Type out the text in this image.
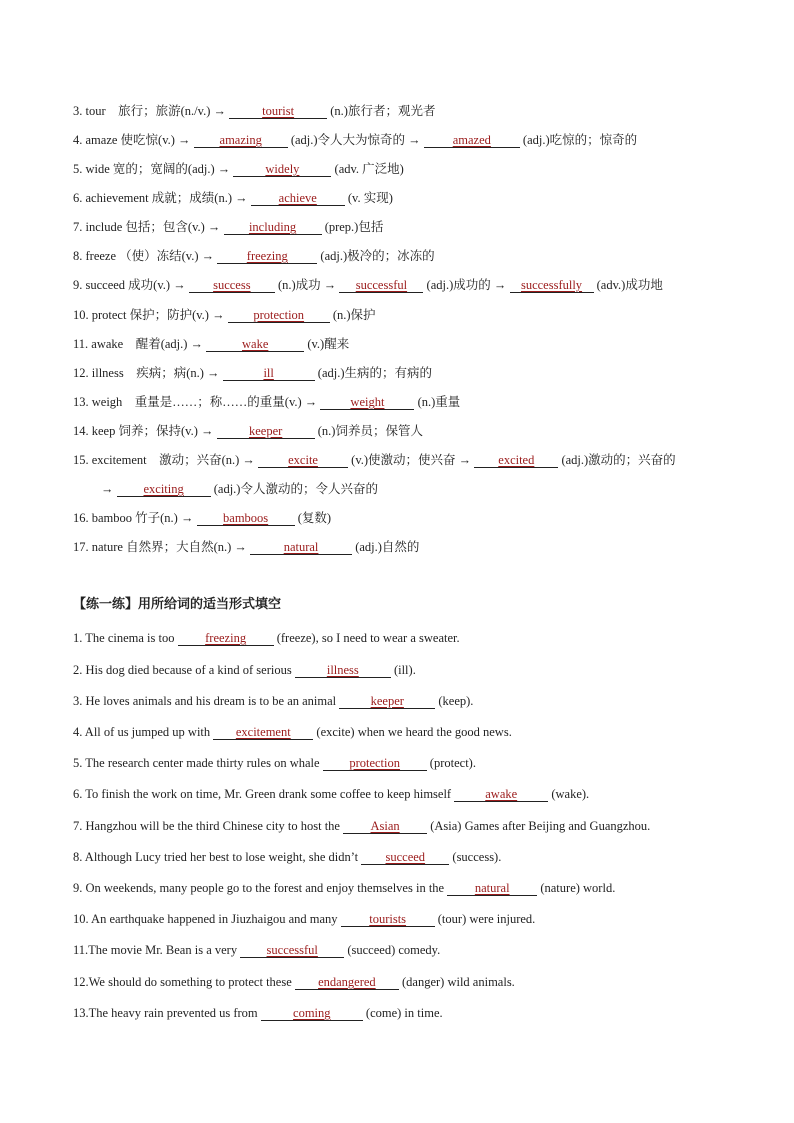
3. tour　旅行；旅游(n./v.) →	tourist	(n.)旅行者；观光者
4. amaze 使吃惊(v.) → amazing (adj.)令人大为惊奇的 →	amazed	(adj.)吃惊的；惊奇的
5. wide 宽的；宽阔的(adj.) →	widely	(adv. 广泛地)
6. achievement 成就；成绩(n.) → achieve (v. 实现)
7. include 包括；包含(v.) → including (prep.)包括
8. freeze （使）冻结(v.) →	freezing	(adj.)极冷的；冰冻的
9. succeed 成功(v.) → success (n.)成功 → successful (adj.)成功的 → successfully (adv.)成功地
10. protect 保护；防护(v.) → protection (n.)保护
11. awake　醒着(adj.) →	wake	(v.)醒来
12. illness　疾病；病(n.) →	ill	(adj.)生病的；有病的
13. weigh　重量是……；称……的重量(v.) →	weight	(n.)重量
14. keep 饲养；保持(v.) →	keeper	(n.)饲养员；保管人
15. excitement　激动；兴奋(n.) →	excite	(v.)使激动；使兴奋 → excited (adj.)激动的；兴奋的
→ exciting (adj.)令人激动的；令人兴奋的
16. bamboo 竹子(n.) → bamboos (复数)
17. nature 自然界；大自然(n.) →	natural	(adj.)自然的
【练一练】用所给词的适当形式填空
1. The cinema is too freezing (freeze), so I need to wear a sweater.
2. His dog died because of a kind of serious	illness	(ill).
3. He loves animals and his dream is to be an animal	keeper	(keep).
4. All of us jumped up with excitement (excite) when we heard the good news.
5. The research center made thirty rules on whale protection (protect).
6. To finish the work on time, Mr. Green drank some coffee to keep himself	awake	(wake).
7. Hangzhou will be the third Chinese city to host the Asian (Asia) Games after Beijing and Guangzhou.
8. Although Lucy tried her best to lose weight, she didn’t succeed (success).
9. On weekends, many people go to the forest and enjoy themselves in the natural (nature) world.
10. An earthquake happened in Jiuzhaigou and many	tourists	(tour) were injured.
11.The movie Mr. Bean is a very successful (succeed) comedy.
12.We should do something to protect these endangered (danger) wild animals.
13.The heavy rain prevented us from	coming	(come) in time.
